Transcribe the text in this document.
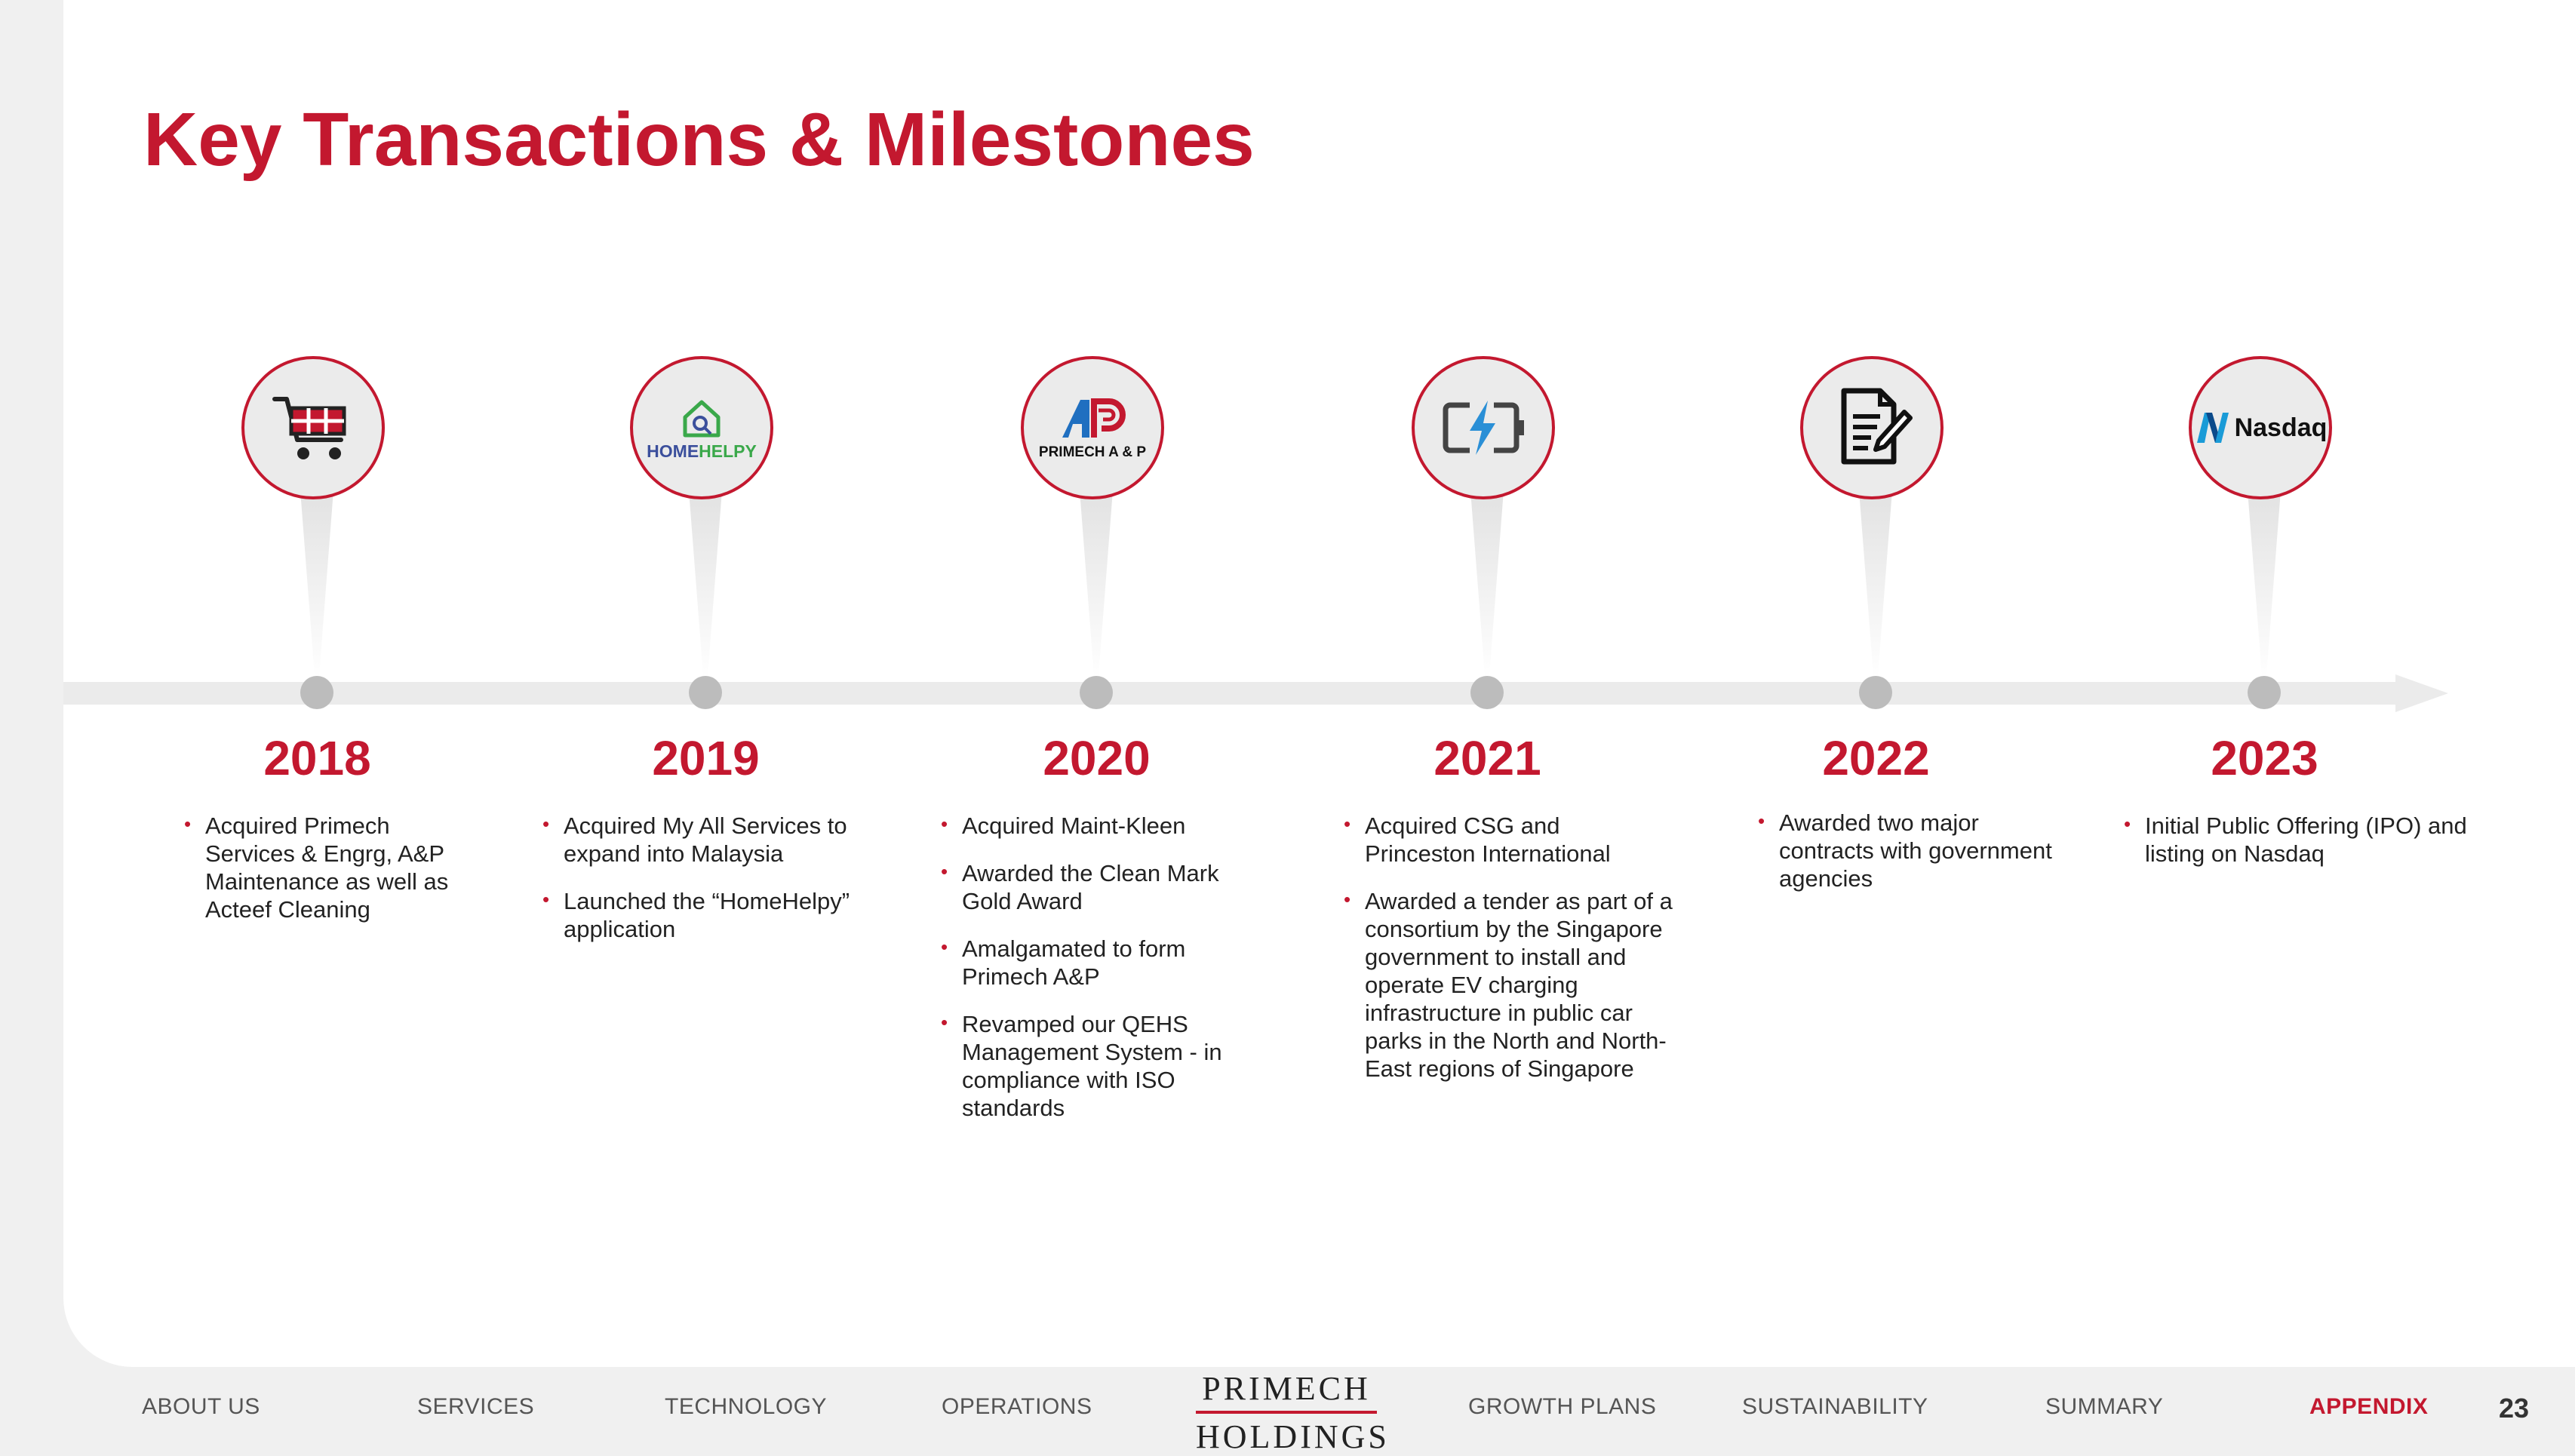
Key Transactions & Milestones
2018
• Acquired Primech Services & Engrg, A&P Maintenance as well as Acteef Cleaning
HOMEHELPY
2019
• Acquired My All Services to expand into Malaysia
• Launched the “HomeHelpy” application
PRIMECH A & P
2020
• Acquired Maint-Kleen
• Awarded the Clean Mark Gold Award
• Amalgamated to form Primech A&P
• Revamped our QEHS Management System - in compliance with ISO standards
2021
• Acquired CSG and Princeston International
• Awarded a tender as part of a consortium by the Singapore government to install and operate EV charging infrastructure in public car parks in the North and North-East regions of Singapore
2022
• Awarded two major contracts with government agencies
Nasdaq
2023
• Initial Public Offering (IPO) and listing on Nasdaq
ABOUT US	SERVICES	TECHNOLOGY	OPERATIONS	PRIMECH
HOLDINGS
GROWTH PLANS	SUSTAINABILITY	SUMMARY	APPENDIX	23
